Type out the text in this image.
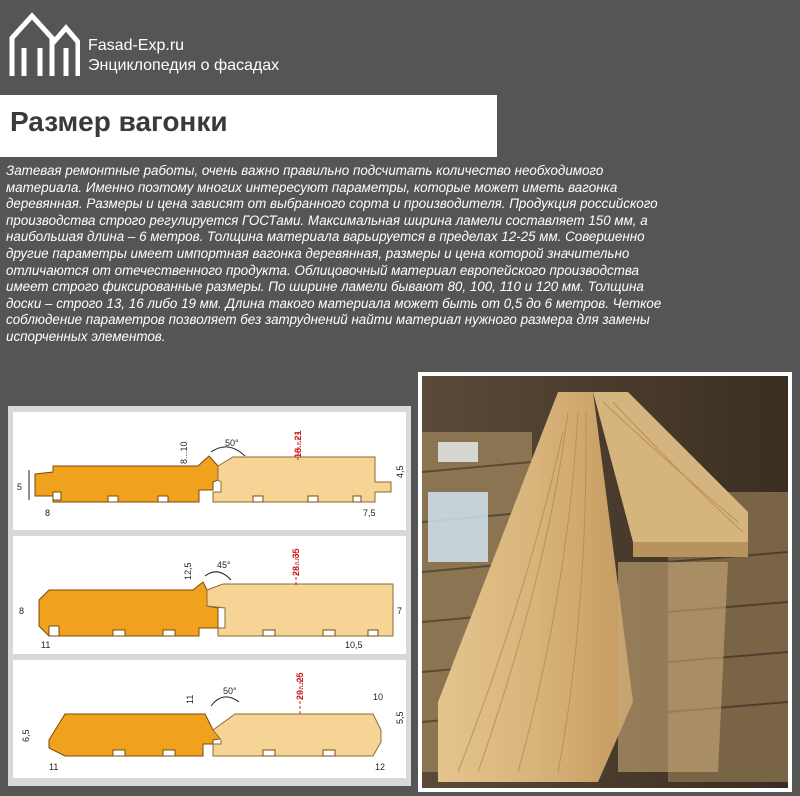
Fasad-Exp.ru
Энциклопедия о фасадах
Размер вагонки
Затевая ремонтные работы, очень важно правильно подсчитать количество необходимого
материала. Именно поэтому многих интересуют параметры, которые может иметь вагонка
деревянная. Размеры и цена зависят от выбранного сорта и производителя. Продукция российского
производства строго регулируется ГОСТами. Максимальная ширина ламели составляет 150 мм, а
наибольшая длина – 6 метров. Толщина материала варьируется в пределах 12-25 мм. Совершенно
другие параметры имеет импортная вагонка деревянная, размеры и цена которой значительно
отличаются от отечественного продукта. Облицовочный материал европейского производства
имеет строго фиксированные размеры. По ширине ламели бывают 80, 100, 110 и 120 мм. Толщина
доски – строго 13, 16 либо 19 мм. Длина такого материала может быть от 0,5 до 6 метров. Четкое
соблюдение параметров позволяет без затруднений найти материал нужного размера для замены
испорченных элементов.
5
8
8...10	50°	18...21
4,5
7,5
8
11
12,5	45°	28...35
7
10,5
6,5
11
11
50°	20...25	10
5,5
12
